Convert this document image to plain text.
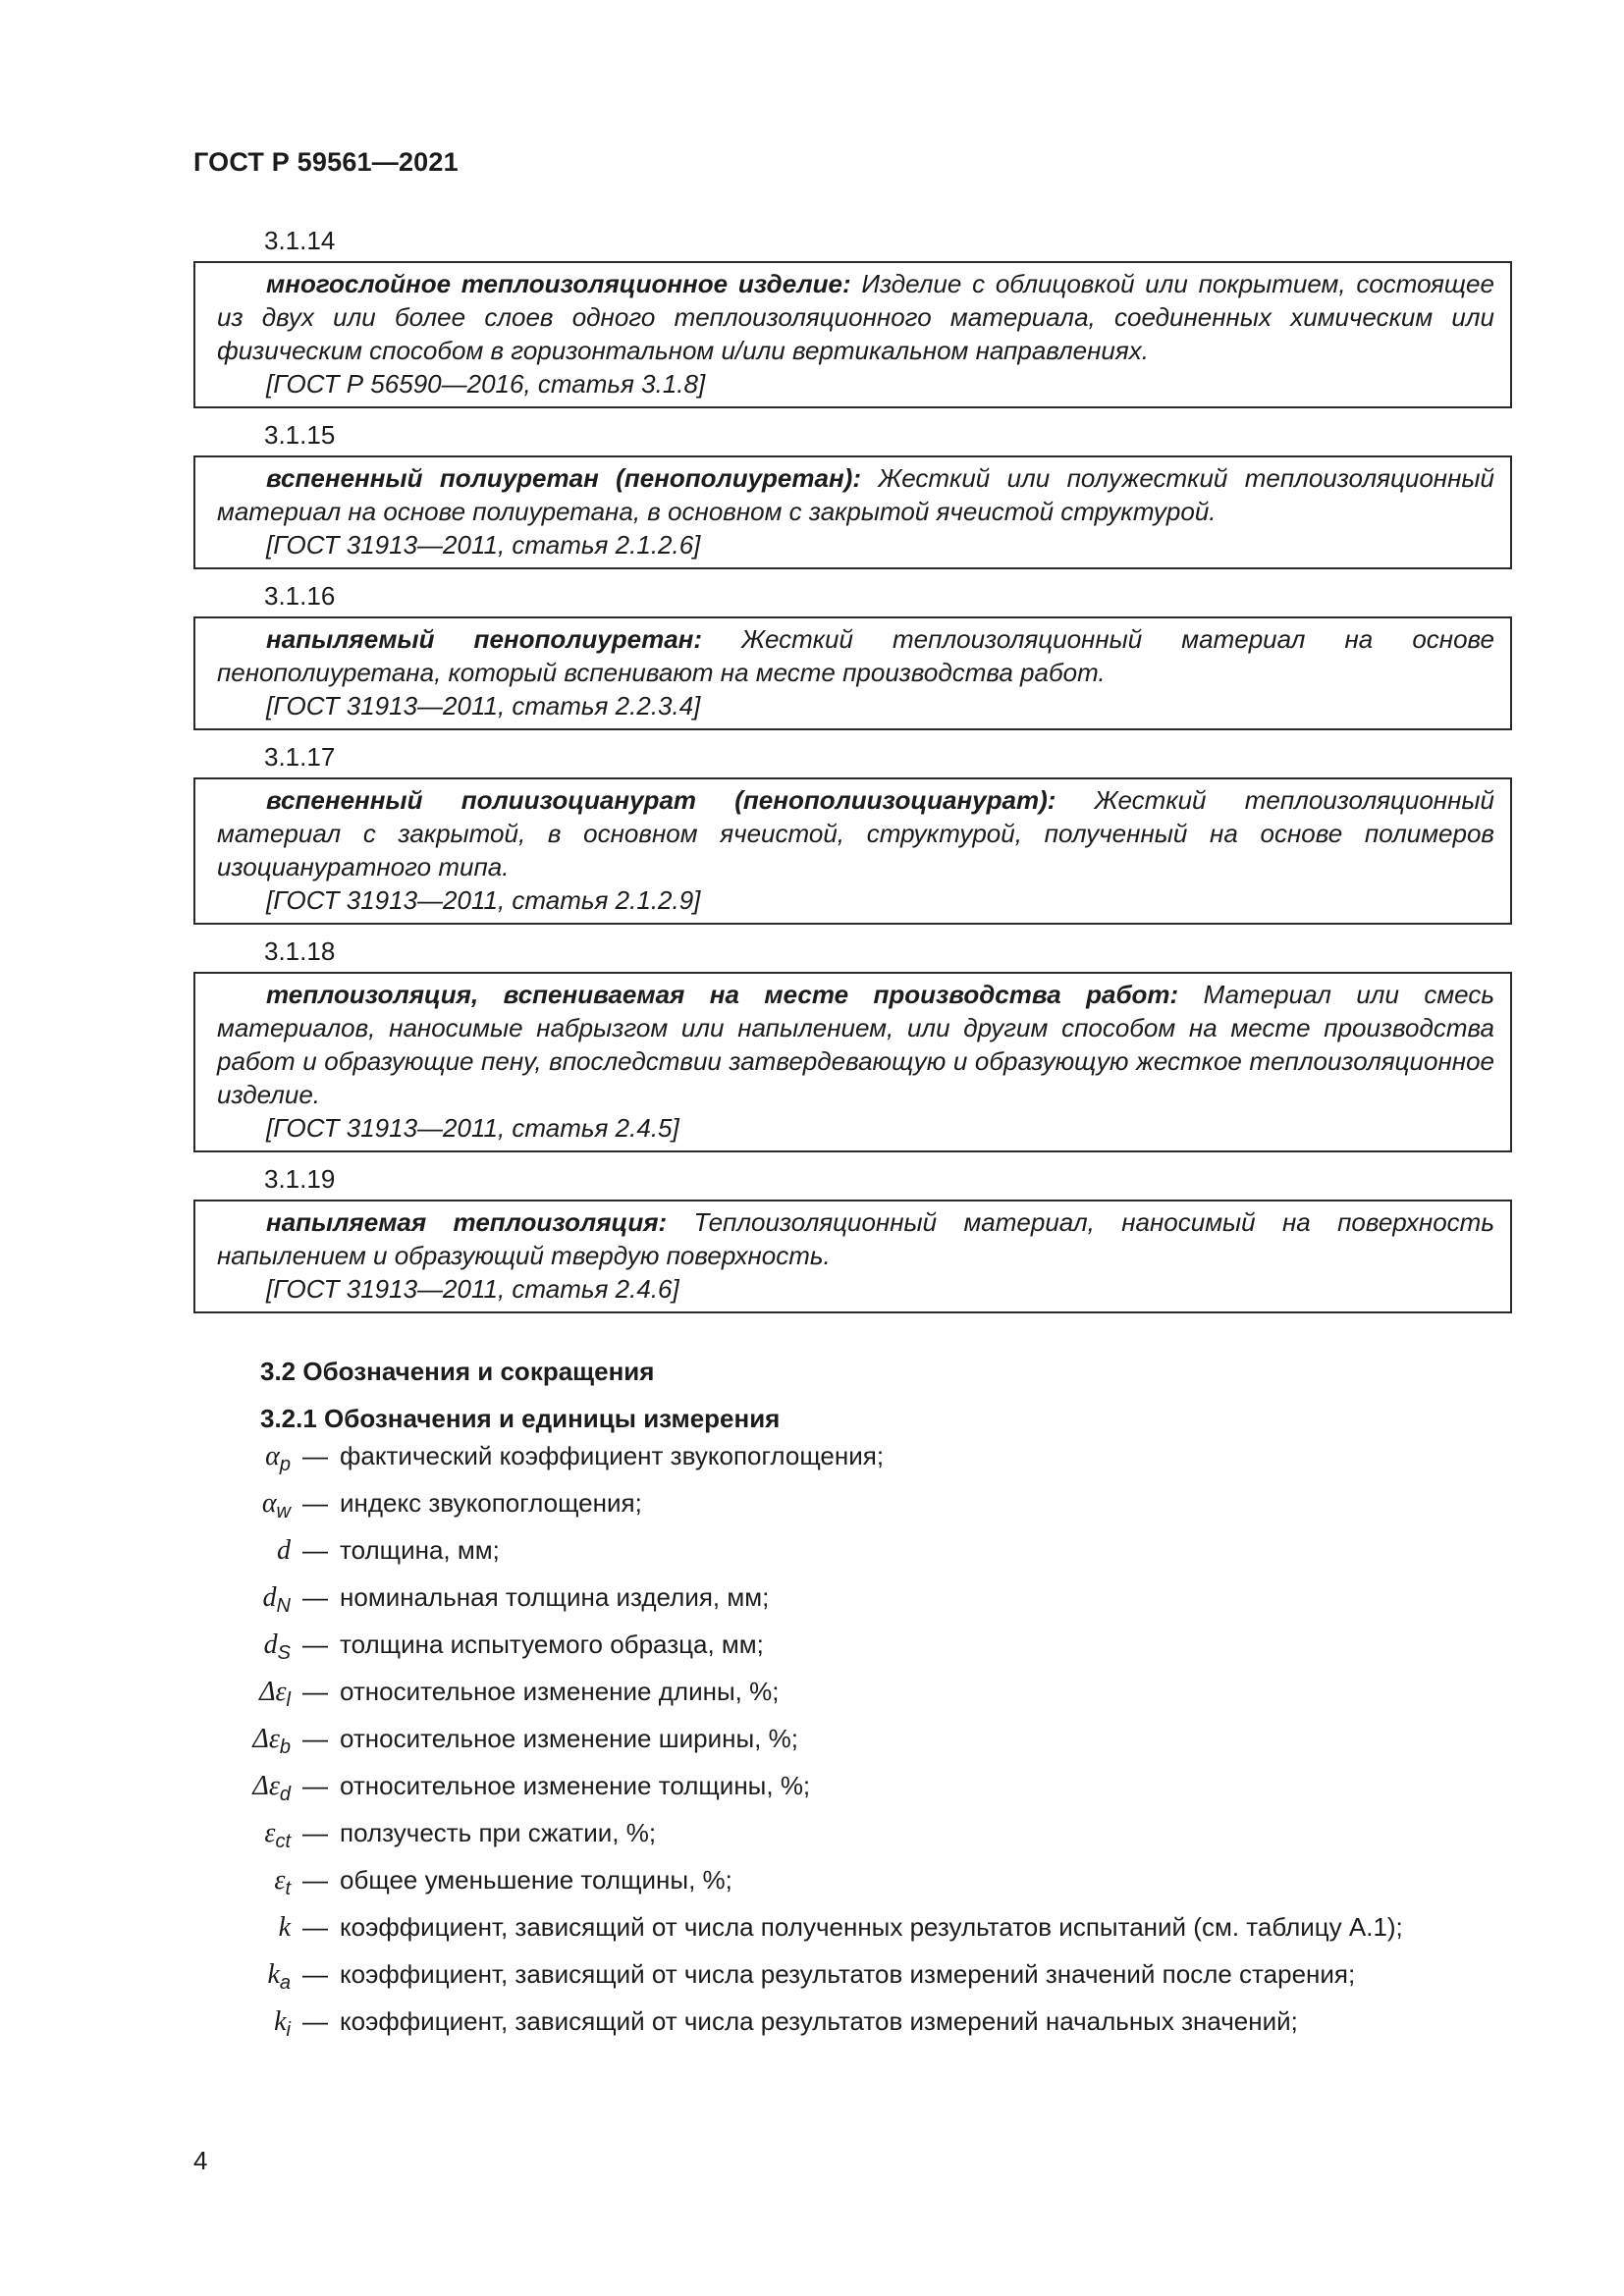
ГОСТ Р 59561—2021
3.1.14

многослойное теплоизоляционное изделие: Изделие с облицовкой или покрытием, состоящее из двух или более слоев одного теплоизоляционного материала, соединенных химическим или физическим способом в горизонтальном и/или вертикальном направлениях.

[ГОСТ Р 56590—2016, статья 3.1.8]

3.1.15

вспененный полиуретан (пенополиуретан): Жесткий или полужесткий теплоизоляционный материал на основе полиуретана, в основном с закрытой ячеистой структурой.

[ГОСТ 31913—2011, статья 2.1.2.6]

3.1.16

напыляемый пенополиуретан: Жесткий теплоизоляционный материал на основе пенополиуретана, который вспенивают на месте производства работ.

[ГОСТ 31913—2011, статья 2.2.3.4]

3.1.17

вспененный полиизоцианурат (пенополиизоцианурат): Жесткий теплоизоляционный материал с закрытой, в основном ячеистой, структурой, полученный на основе полимеров изоциануратного типа.

[ГОСТ 31913—2011, статья 2.1.2.9]

3.1.18

теплоизоляция, вспениваемая на месте производства работ: Материал или смесь материалов, наносимые набрызгом или напылением, или другим способом на месте производства работ и образующие пену, впоследствии затвердевающую и образующую жесткое теплоизоляционное изделие.

[ГОСТ 31913—2011, статья 2.4.5]

3.1.19

напыляемая теплоизоляция: Теплоизоляционный материал, наносимый на поверхность напылением и образующий твердую поверхность.

[ГОСТ 31913—2011, статья 2.4.6]

3.2 Обозначения и сокращения
3.2.1 Обозначения и единицы измерения
$\alpha_p$ — фактический коэффициент звукопоглощения;
$\alpha_w$ — индекс звукопоглощения;
d — толщина, мм;
$d_N$ — номинальная толщина изделия, мм;
$d_S$ — толщина испытуемого образца, мм;
$\Delta\varepsilon_l$ — относительное изменение длины, %;
$\Delta\varepsilon_b$ — относительное изменение ширины, %;
$\Delta\varepsilon_d$ — относительное изменение толщины, %;
$\varepsilon_{ct}$ — ползучесть при сжатии, %;
$\varepsilon_t$ — общее уменьшение толщины, %;
k — коэффициент, зависящий от числа полученных результатов испытаний (см. таблицу А.1);
$k_a$ — коэффициент, зависящий от числа результатов измерений значений после старения;
$k_i$ — коэффициент, зависящий от числа результатов измерений начальных значений;
4
